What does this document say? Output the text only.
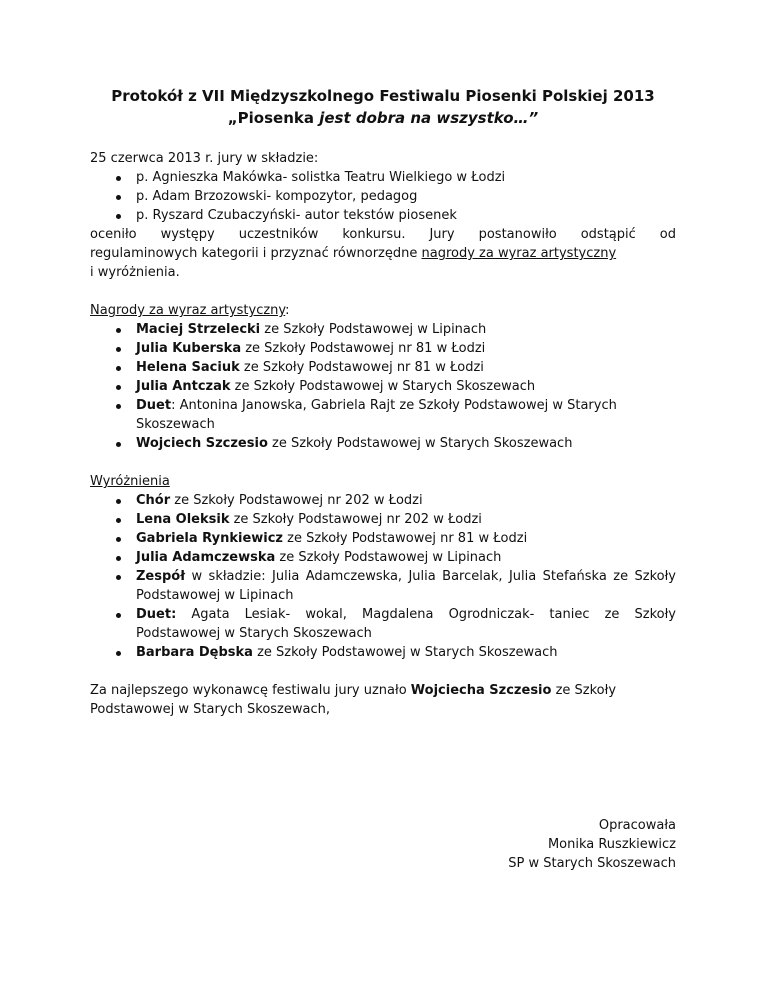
Protokół z VII Międzyszkolnego Festiwalu Piosenki Polskiej 2013
„Piosenka jest dobra na wszystko…”

25 czerwca 2013 r. jury w składzie:

p. Agnieszka Makówka- solistka Teatru Wielkiego w Łodzi
p. Adam Brzozowski- kompozytor, pedagog
p. Ryszard Czubaczyński- autor tekstów piosenek

oceniło występy uczestników konkursu. Jury postanowiło odstąpić od

regulaminowych kategorii i przyznać równorzędne nagrody za wyraz artystyczny

i wyróżnienia.

Nagrody za wyraz artystyczny:

Maciej Strzelecki ze Szkoły Podstawowej w Lipinach
Julia Kuberska ze Szkoły Podstawowej nr 81 w Łodzi
Helena Saciuk ze Szkoły Podstawowej nr 81 w Łodzi
Julia Antczak ze Szkoły Podstawowej w Starych Skoszewach
Duet: Antonina Janowska, Gabriela Rajt ze Szkoły Podstawowej w Starych Skoszewach
Wojciech Szczesio ze Szkoły Podstawowej w Starych Skoszewach

Wyróżnienia

Chór ze Szkoły Podstawowej nr 202 w Łodzi
Lena Oleksik ze Szkoły Podstawowej nr 202 w Łodzi
Gabriela Rynkiewicz ze Szkoły Podstawowej nr 81 w Łodzi
Julia Adamczewska ze Szkoły Podstawowej w Lipinach
Zespół w składzie: Julia Adamczewska, Julia Barcelak, Julia Stefańska ze Szkoły Podstawowej w Lipinach
Duet: Agata Lesiak- wokal, Magdalena Ogrodniczak- taniec ze Szkoły Podstawowej w Starych Skoszewach
Barbara Dębska ze Szkoły Podstawowej w Starych Skoszewach

Za najlepszego wykonawcę festiwalu jury uznało Wojciecha Szczesio ze Szkoły Podstawowej w Starych Skoszewach,

Opracowała
Monika Ruszkiewicz
SP w Starych Skoszewach
